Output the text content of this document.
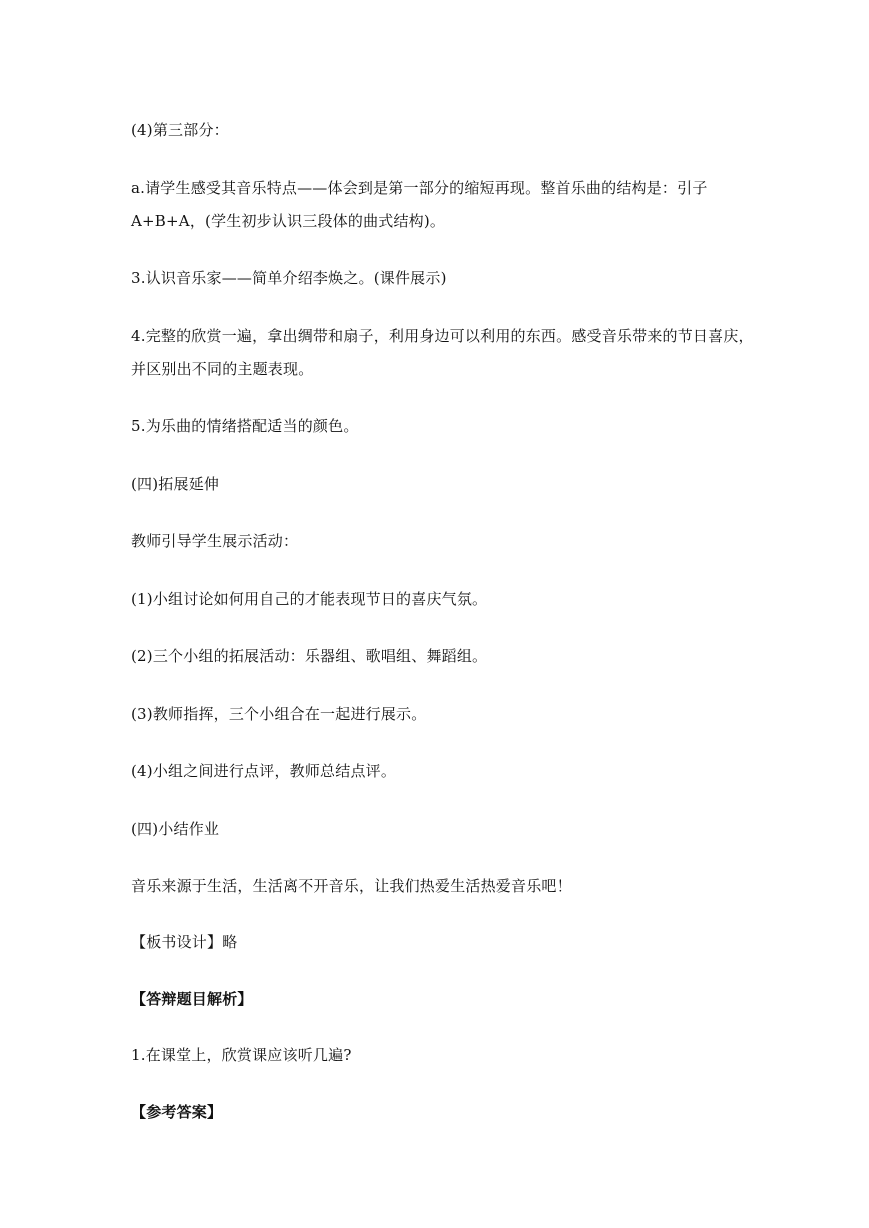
(4)第三部分：
a.请学生感受其音乐特点——体会到是第一部分的缩短再现。整首乐曲的结构是：引子
A+B+A，(学生初步认识三段体的曲式结构)。
3.认识音乐家——简单介绍李焕之。(课件展示)
4.完整的欣赏一遍，拿出绸带和扇子，利用身边可以利用的东西。感受音乐带来的节日喜庆，
并区别出不同的主题表现。
5.为乐曲的情绪搭配适当的颜色。
(四)拓展延伸
教师引导学生展示活动：
(1)小组讨论如何用自己的才能表现节日的喜庆气氛。
(2)三个小组的拓展活动：乐器组、歌唱组、舞蹈组。
(3)教师指挥，三个小组合在一起进行展示。
(4)小组之间进行点评，教师总结点评。
(四)小结作业
音乐来源于生活，生活离不开音乐，让我们热爱生活热爱音乐吧！
【板书设计】略
【答辩题目解析】
1.在课堂上，欣赏课应该听几遍?
【参考答案】
